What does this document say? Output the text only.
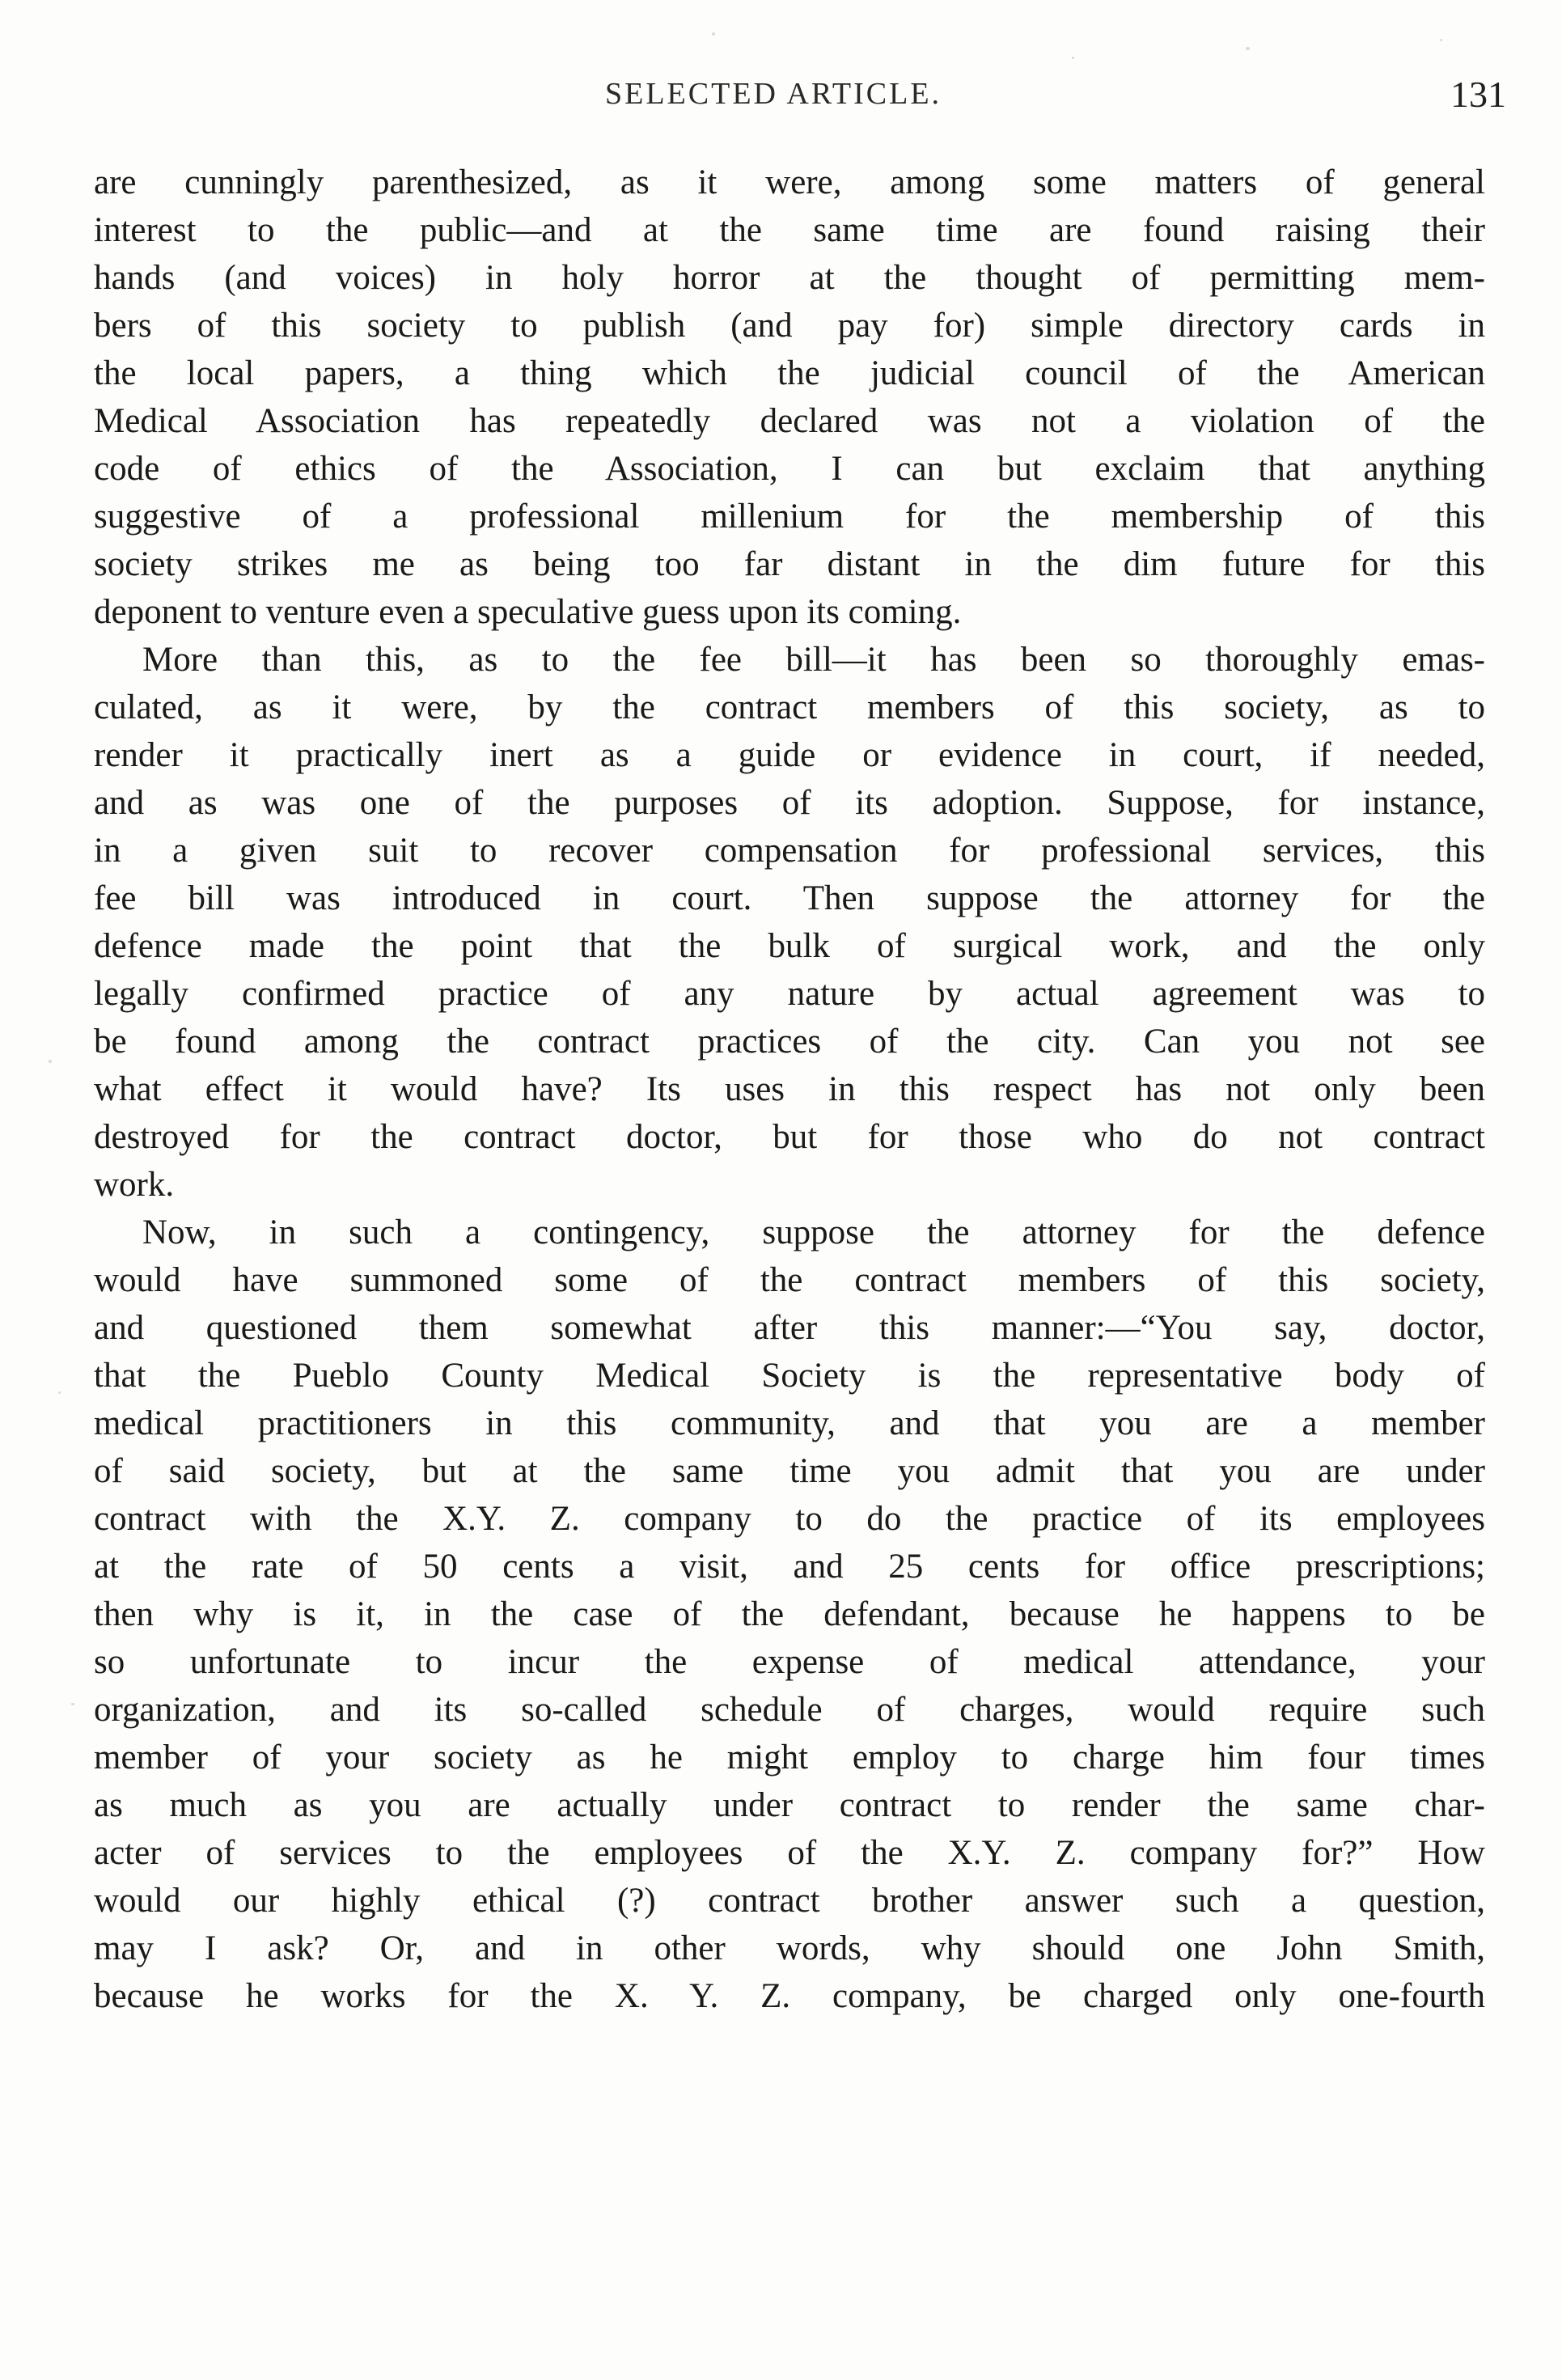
SELECTED ARTICLE.	131
are cunningly parenthesized, as it were, among some matters of general
interest to the public—and at the same time are found raising their
hands (and voices) in holy horror at the thought of permitting mem-
bers of this society to publish (and pay for) simple directory cards in
the local papers, a thing which the judicial council of the American
Medical Association has repeatedly declared was not a violation of the
code of ethics of the Association, I can but exclaim that anything
suggestive of a professional millenium for the membership of this
society strikes me as being too far distant in the dim future for this
deponent to venture even a speculative guess upon its coming.
More than this, as to the fee bill—it has been so thoroughly emas-
culated, as it were, by the contract members of this society, as to
render it practically inert as a guide or evidence in court, if needed,
and as was one of the purposes of its adoption. Suppose, for instance,
in a given suit to recover compensation for professional services, this
fee bill was introduced in court. Then suppose the attorney for the
defence made the point that the bulk of surgical work, and the only
legally confirmed practice of any nature by actual agreement was to
be found among the contract practices of the city. Can you not see
what effect it would have? Its uses in this respect has not only been
destroyed for the contract doctor, but for those who do not contract
work.
Now, in such a contingency, suppose the attorney for the defence
would have summoned some of the contract members of this society,
and questioned them somewhat after this manner:—“You say, doctor,
that the Pueblo County Medical Society is the representative body of
medical practitioners in this community, and that you are a member
of said society, but at the same time you admit that you are under
contract with the X.Y. Z. company to do the practice of its employees
at the rate of 50 cents a visit, and 25 cents for office prescriptions;
then why is it, in the case of the defendant, because he happens to be
so unfortunate to incur the expense of medical attendance, your
organization, and its so-called schedule of charges, would require such
member of your society as he might employ to charge him four times
as much as you are actually under contract to render the same char-
acter of services to the employees of the X.Y. Z. company for?” How
would our highly ethical (?) contract brother answer such a question,
may I ask? Or, and in other words, why should one John Smith,
because he works for the X. Y. Z. company, be charged only one-fourth
